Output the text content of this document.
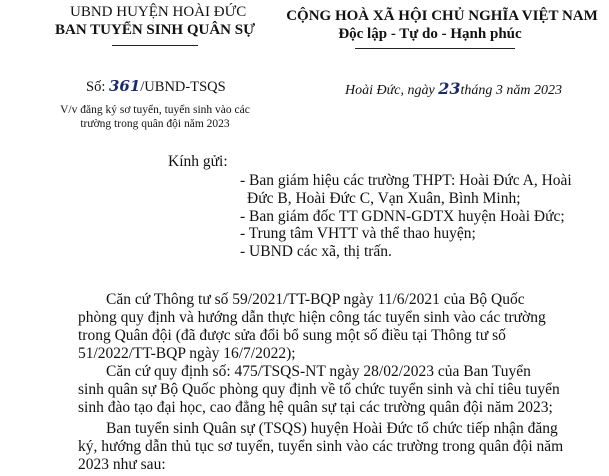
UBND HUYỆN HOÀI ĐỨC
BAN TUYỂN SINH QUÂN SỰ
Số: 361/UBND-TSQS
V/v đăng ký sơ tuyển, tuyển sinh vào các
trường trong quân đội năm 2023
CỘNG HOÀ XÃ HỘI CHỦ NGHĨA VIỆT NAM
Độc lập - Tự do - Hạnh phúc
Hoài Đức, ngày 23tháng 3 năm 2023
Kính gửi:
- Ban giám hiệu các trường THPT: Hoài Đức A, Hoài
Đức B, Hoài Đức C, Vạn Xuân, Bình Minh;
- Ban giám đốc TT GDNN-GDTX huyện Hoài Đức;
- Trung tâm VHTT và thể thao huyện;
- UBND các xã, thị trấn.
Căn cứ Thông tư số 59/2021/TT-BQP ngày 11/6/2021 của Bộ Quốc
phòng quy định và hướng dẫn thực hiện công tác tuyển sinh vào các trường
trong Quân đội (đã được sửa đổi bổ sung một số điều tại Thông tư số
51/2022/TT-BQP ngày 16/7/2022);
Căn cứ quy định số: 475/TSQS-NT ngày 28/02/2023 của Ban Tuyển
sinh quân sự Bộ Quốc phòng quy định về tổ chức tuyển sinh và chỉ tiêu tuyển
sinh đào tạo đại học, cao đẳng hệ quân sự tại các trường quân đội năm 2023;
Ban tuyển sinh Quân sự (TSQS) huyện Hoài Đức tổ chức tiếp nhận đăng
ký, hướng dẫn thủ tục sơ tuyển, tuyển sinh vào các trường trong quân đội năm
2023 như sau:
